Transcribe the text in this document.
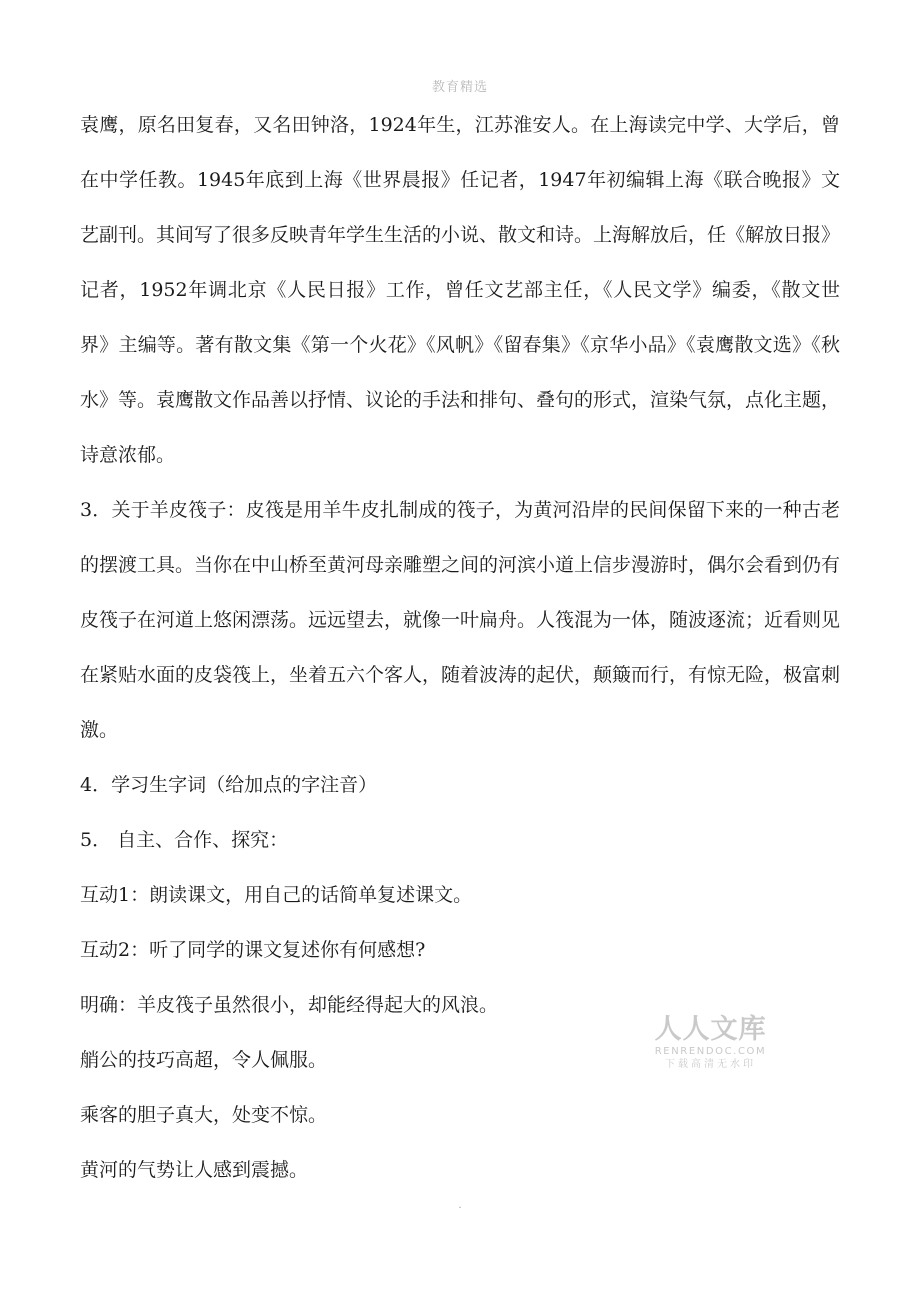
教育精选

袁鹰，原名田复春，又名田钟洛，1924年生，江苏淮安人。在上海读完中学、大学后，曾在中学任教。1945年底到上海《世界晨报》任记者，1947年初编辑上海《联合晚报》文艺副刊。其间写了很多反映青年学生生活的小说、散文和诗。上海解放后，任《解放日报》记者，1952年调北京《人民日报》工作，曾任文艺部主任，《人民文学》编委，《散文世界》主编等。著有散文集《第一个火花》《风帆》《留春集》《京华小品》《袁鹰散文选》《秋水》等。袁鹰散文作品善以抒情、议论的手法和排句、叠句的形式，渲染气氛，点化主题，诗意浓郁。

3．关于羊皮筏子：皮筏是用羊牛皮扎制成的筏子，为黄河沿岸的民间保留下来的一种古老的摆渡工具。当你在中山桥至黄河母亲雕塑之间的河滨小道上信步漫游时，偶尔会看到仍有皮筏子在河道上悠闲漂荡。远远望去，就像一叶扁舟。人筏混为一体，随波逐流；近看则见在紧贴水面的皮袋筏上，坐着五六个客人，随着波涛的起伏，颠簸而行，有惊无险，极富刺激。

4．学习生字词（给加点的字注音）

5． 自主、合作、探究：

互动1：朗读课文，用自己的话简单复述课文。

互动2：听了同学的课文复述你有何感想?

明确：羊皮筏子虽然很小，却能经得起大的风浪。

艄公的技巧高超，令人佩服。

乘客的胆子真大，处变不惊。

黄河的气势让人感到震撼。

人人文库
RENRENDOC.COM
下载高清无水印
.
